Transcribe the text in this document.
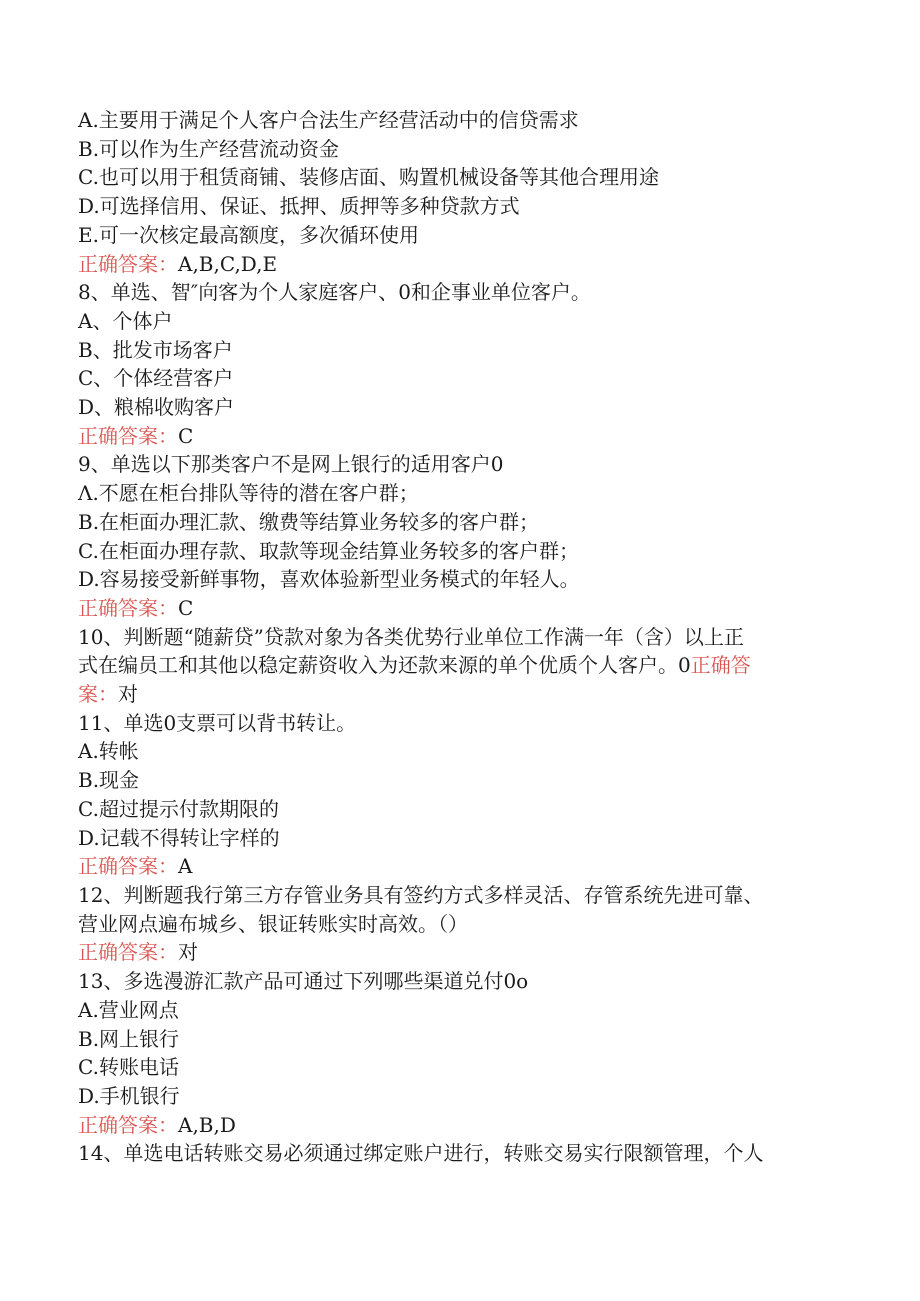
A.主要用于满足个人客户合法生产经营活动中的信贷需求

B.可以作为生产经营流动资金

C.也可以用于租赁商铺、装修店面、购置机械设备等其他合理用途

D.可选择信用、保证、抵押、质押等多种贷款方式

E.可一次核定最高额度，多次循环使用

正确答案：A,B,C,D,E

8、单选、智″向客为个人家庭客户、0和企事业单位客户。

A、个体户

B、批发市场客户

C、个体经营客户

D、粮棉收购客户

正确答案：C

9、单选以下那类客户不是网上银行的适用客户0

Λ.不愿在柜台排队等待的潜在客户群；

B.在柜面办理汇款、缴费等结算业务较多的客户群；

C.在柜面办理存款、取款等现金结算业务较多的客户群；

D.容易接受新鲜事物，喜欢体验新型业务模式的年轻人。

正确答案：C

10、判断题“随薪贷”贷款对象为各类优势行业单位工作满一年（含）以上正

式在编员工和其他以稳定薪资收入为还款来源的单个优质个人客户。0正确答

案：对

11、单选0支票可以背书转让。

A.转帐

B.现金

C.超过提示付款期限的

D.记载不得转让字样的

正确答案：A

12、判断题我行第三方存管业务具有签约方式多样灵活、存管系统先进可靠、

营业网点遍布城乡、银证转账实时高效。（）

正确答案：对

13、多选漫游汇款产品可通过下列哪些渠道兑付0o

A.营业网点

B.网上银行

C.转账电话

D.手机银行

正确答案：A,B,D

14、单选电话转账交易必须通过绑定账户进行，转账交易实行限额管理，个人
